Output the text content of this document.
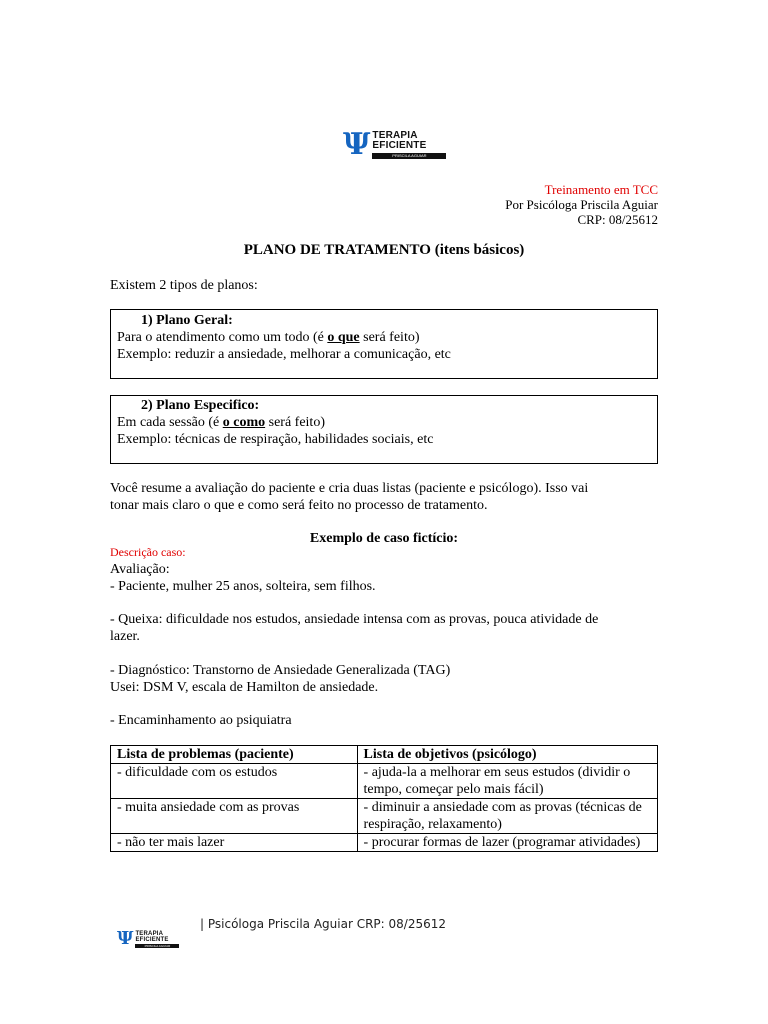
Ψ TERAPIA
EFICIENTE
PRISCILA AGUIAR
Treinamento em TCC
Por Psicóloga Priscila Aguiar
CRP: 08/25612
PLANO DE TRATAMENTO (itens básicos)
Existem 2 tipos de planos:
1) Plano Geral:
Para o atendimento como um todo (é o que será feito)
Exemplo: reduzir a ansiedade, melhorar a comunicação, etc
2) Plano Especifico:
Em cada sessão (é o como será feito)
Exemplo: técnicas de respiração, habilidades sociais, etc
Você resume a avaliação do paciente e cria duas listas (paciente e psicólogo). Isso vai
tonar mais claro o que e como será feito no processo de tratamento.
Exemplo de caso fictício:
Descrição caso:
Avaliação:
- Paciente, mulher 25 anos, solteira, sem filhos.
- Queixa: dificuldade nos estudos, ansiedade intensa com as provas, pouca atividade de
lazer.
- Diagnóstico: Transtorno de Ansiedade Generalizada (TAG)
Usei: DSM V, escala de Hamilton de ansiedade.
- Encaminhamento ao psiquiatra
Lista de problemas (paciente)	Lista de objetivos (psicólogo)
- dificuldade com os estudos	- ajuda-la a melhorar em seus estudos (dividir o tempo, começar pelo mais fácil)
- muita ansiedade com as provas	- diminuir a ansiedade com as provas (técnicas de respiração, relaxamento)
- não ter mais lazer	- procurar formas de lazer (programar atividades)
Ψ TERAPIA
EFICIENTE
PRISCILA AGUIAR
| Psicóloga Priscila Aguiar CRP: 08/25612
